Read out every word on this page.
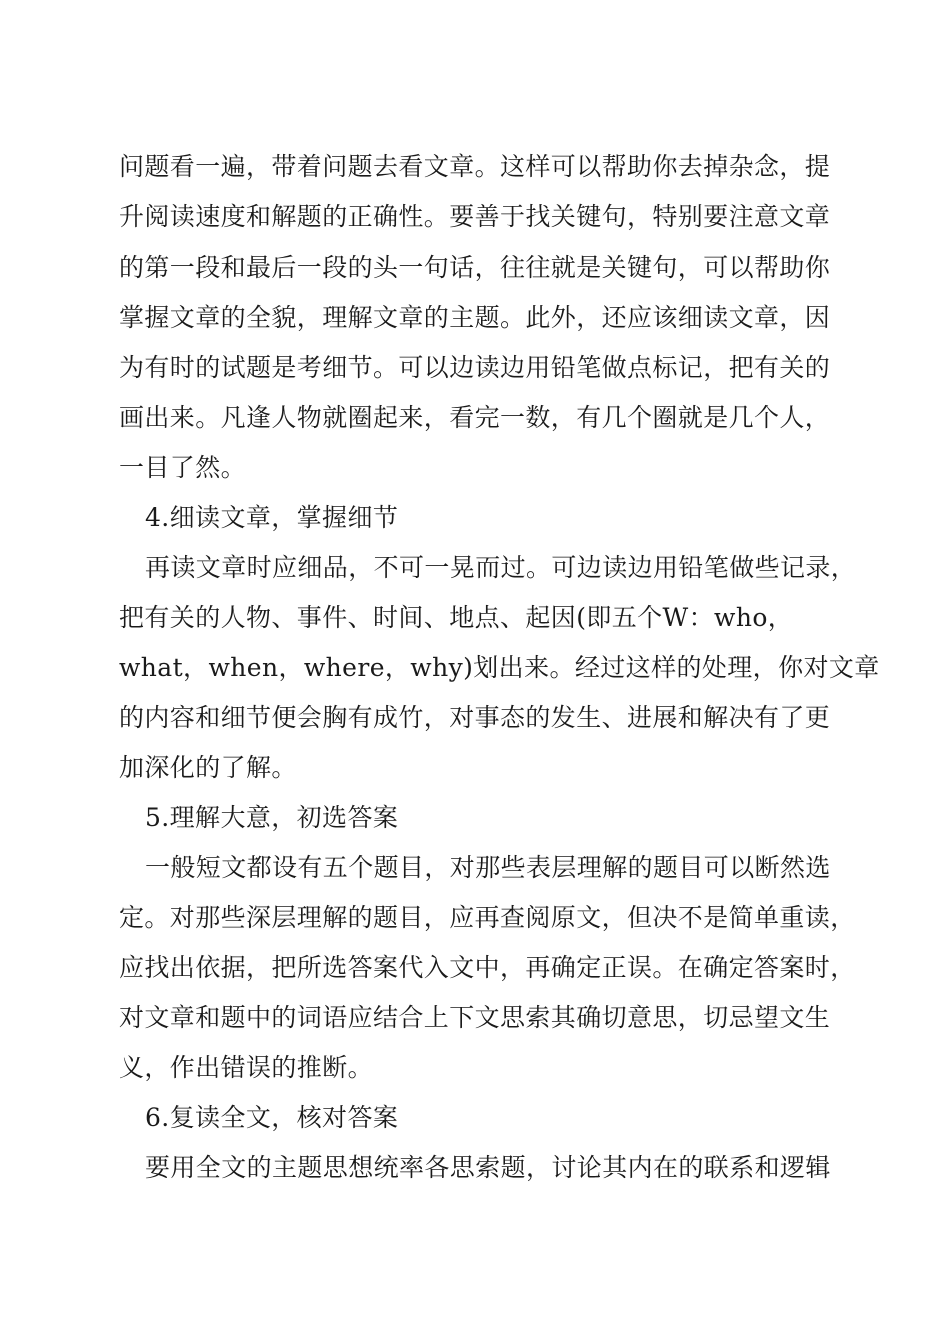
问题看一遍，带着问题去看文章。这样可以帮助你去掉杂念，提
升阅读速度和解题的正确性。要善于找关键句，特别要注意文章
的第一段和最后一段的头一句话，往往就是关键句，可以帮助你
掌握文章的全貌，理解文章的主题。此外，还应该细读文章，因
为有时的试题是考细节。可以边读边用铅笔做点标记，把有关的
画出来。凡逢人物就圈起来，看完一数，有几个圈就是几个人，
一目了然。
4.细读文章，掌握细节
再读文章时应细品，不可一晃而过。可边读边用铅笔做些记录，
把有关的人物、事件、时间、地点、起因(即五个W：who，
what，when，where，why)划出来。经过这样的处理，你对文章
的内容和细节便会胸有成竹，对事态的发生、进展和解决有了更
加深化的了解。
5.理解大意，初选答案
一般短文都设有五个题目，对那些表层理解的题目可以断然选
定。对那些深层理解的题目，应再查阅原文，但决不是简单重读，
应找出依据，把所选答案代入文中，再确定正误。在确定答案时，
对文章和题中的词语应结合上下文思索其确切意思，切忌望文生
义，作出错误的推断。
6.复读全文，核对答案
要用全文的主题思想统率各思索题，讨论其内在的联系和逻辑
